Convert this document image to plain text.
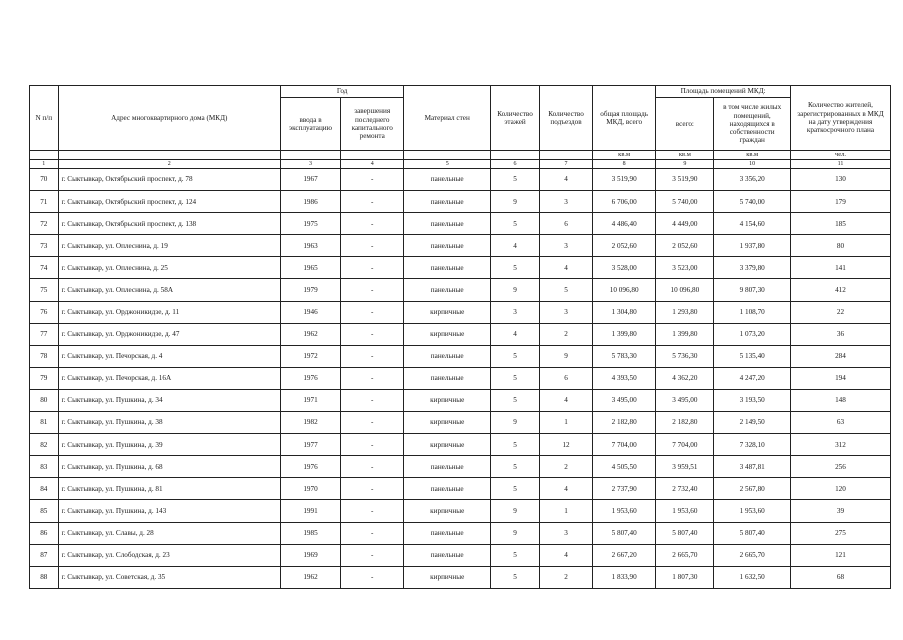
N п/п	Адрес многоквартирного дома (МКД)	Год		Материал стен	Количество этажей	Количество подъездов	общая площадь МКД, всего	Площадь помещений МКД:		Количество жителей, зарегистрированных в МКД на дату утверждения краткосрочного плана
		ввода в эксплуатацию	завершения последнего капитального ремонта					всего:	в том числе жилых помещений, находящихся в собственности граждан	
							кв.м	кв.м	кв.м	чел.
1	2	3	4	5	6	7	8	9	10	11
70	г. Сыктывкар, Октябрьский проспект, д. 78	1967	-	панельные	5	4	3 519,90	3 519,90	3 356,20	130
71	г. Сыктывкар, Октябрьский проспект, д. 124	1986	-	панельные	9	3	6 706,00	5 740,00	5 740,00	179
72	г. Сыктывкар, Октябрьский проспект, д. 138	1975	-	панельные	5	6	4 486,40	4 449,00	4 154,60	185
73	г. Сыктывкар, ул. Оплеснина, д. 19	1963	-	панельные	4	3	2 052,60	2 052,60	1 937,80	80
74	г. Сыктывкар, ул. Оплеснина, д. 25	1965	-	панельные	5	4	3 528,00	3 523,00	3 379,80	141
75	г. Сыктывкар, ул. Оплеснина, д. 58А	1979	-	панельные	9	5	10 096,80	10 096,80	9 807,30	412
76	г. Сыктывкар, ул. Орджоникидзе, д. 11	1946	-	кирпичные	3	3	1 304,80	1 293,80	1 108,70	22
77	г. Сыктывкар, ул. Орджоникидзе, д. 47	1962	-	кирпичные	4	2	1 399,80	1 399,80	1 073,20	36
78	г. Сыктывкар, ул. Печорская, д. 4	1972	-	панельные	5	9	5 783,30	5 736,30	5 135,40	284
79	г. Сыктывкар, ул. Печорская, д. 16А	1976	-	панельные	5	6	4 393,50	4 362,20	4 247,20	194
80	г. Сыктывкар, ул. Пушкина, д. 34	1971	-	кирпичные	5	4	3 495,00	3 495,00	3 193,50	148
81	г. Сыктывкар, ул. Пушкина, д. 38	1982	-	кирпичные	9	1	2 182,80	2 182,80	2 149,50	63
82	г. Сыктывкар, ул. Пушкина, д. 39	1977	-	кирпичные	5	12	7 704,00	7 704,00	7 328,10	312
83	г. Сыктывкар, ул. Пушкина, д. 68	1976	-	панельные	5	2	4 505,50	3 959,51	3 487,81	256
84	г. Сыктывкар, ул. Пушкина, д. 81	1970	-	панельные	5	4	2 737,90	2 732,40	2 567,80	120
85	г. Сыктывкар, ул. Пушкина, д. 143	1991	-	кирпичные	9	1	1 953,60	1 953,60	1 953,60	39
86	г. Сыктывкар, ул. Славы, д. 28	1985	-	панельные	9	3	5 807,40	5 807,40	5 807,40	275
87	г. Сыктывкар, ул. Слободская, д. 23	1969	-	панельные	5	4	2 667,20	2 665,70	2 665,70	121
88	г. Сыктывкар, ул. Советская, д. 35	1962	-	кирпичные	5	2	1 833,90	1 807,30	1 632,50	68
